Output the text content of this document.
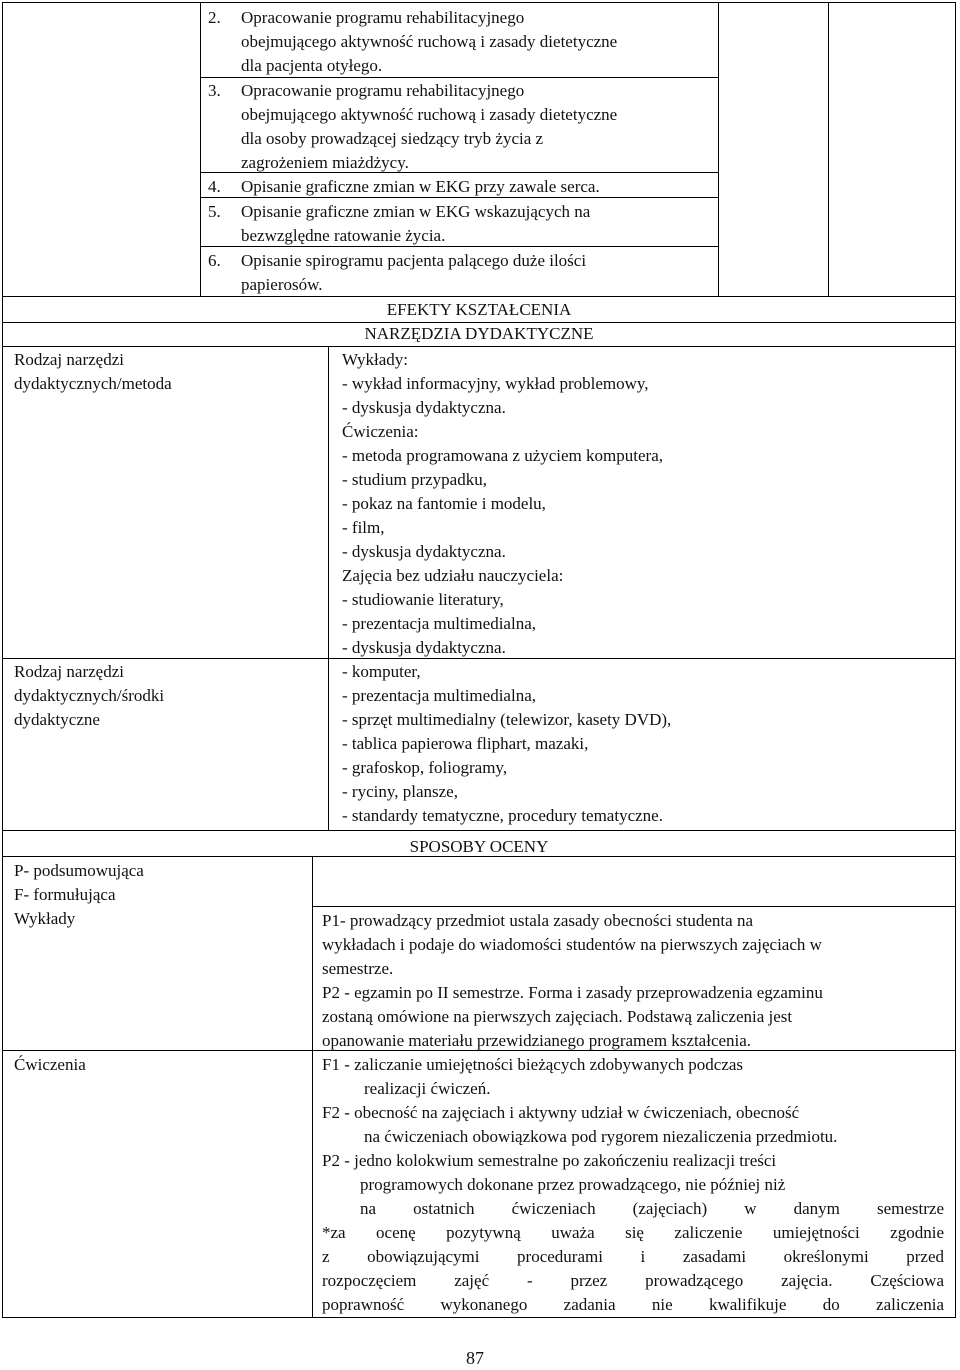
2. Opracowanie programu rehabilitacyjnego
obejmującego aktywność ruchową i zasady dietetyczne
dla pacjenta otyłego.
3. Opracowanie programu rehabilitacyjnego
obejmującego aktywność ruchową i zasady dietetyczne
dla osoby prowadzącej siedzący tryb życia z
zagrożeniem miażdżycy.
4. Opisanie graficzne zmian w EKG przy zawale serca.
5. Opisanie graficzne zmian w EKG wskazujących na
bezwzględne ratowanie życia.
6. Opisanie spirogramu pacjenta palącego duże ilości
papierosów.
EFEKTY KSZTAŁCENIA
NARZĘDZIA DYDAKTYCZNE
Rodzaj narzędzi
dydaktycznych/metoda
Wykłady:
- wykład informacyjny, wykład problemowy,
- dyskusja dydaktyczna.
Ćwiczenia:
- metoda programowana z użyciem komputera,
- studium przypadku,
- pokaz na fantomie i modelu,
- film,
- dyskusja dydaktyczna.
Zajęcia bez udziału nauczyciela:
- studiowanie literatury,
- prezentacja multimedialna,
- dyskusja dydaktyczna.
Rodzaj narzędzi
dydaktycznych/środki
dydaktyczne
- komputer,
- prezentacja multimedialna,
- sprzęt multimedialny (telewizor, kasety DVD),
- tablica papierowa fliphart, mazaki,
- grafoskop, foliogramy,
- ryciny, plansze,
- standardy tematyczne, procedury tematyczne.
SPOSOBY OCENY
P- podsumowująca
F- formułująca
Wykłady
Ćwiczenia
P1- prowadzący przedmiot ustala zasady obecności studenta na
wykładach i podaje do wiadomości studentów na pierwszych zajęciach w
semestrze.
P2 - egzamin po II semestrze. Forma i zasady przeprowadzenia egzaminu
zostaną omówione na pierwszych zajęciach. Podstawą zaliczenia jest
opanowanie materiału przewidzianego programem kształcenia.
F1 - zaliczanie umiejętności bieżących zdobywanych podczas
realizacji ćwiczeń.
F2 - obecność na zajęciach i aktywny udział w ćwiczeniach, obecność
na ćwiczeniach obowiązkowa pod rygorem niezaliczenia przedmiotu.
P2 - jedno kolokwium semestralne po zakończeniu realizacji treści
programowych dokonane przez prowadzącego, nie później niż
na ostatnich ćwiczeniach (zajęciach) w danym semestrze
*za ocenę pozytywną uważa się zaliczenie umiejętności zgodnie
z obowiązującymi procedurami i zasadami określonymi przed
rozpoczęciem zajęć - przez prowadzącego zajęcia. Częściowa
poprawność wykonanego zadania nie kwalifikuje do zaliczenia
87
